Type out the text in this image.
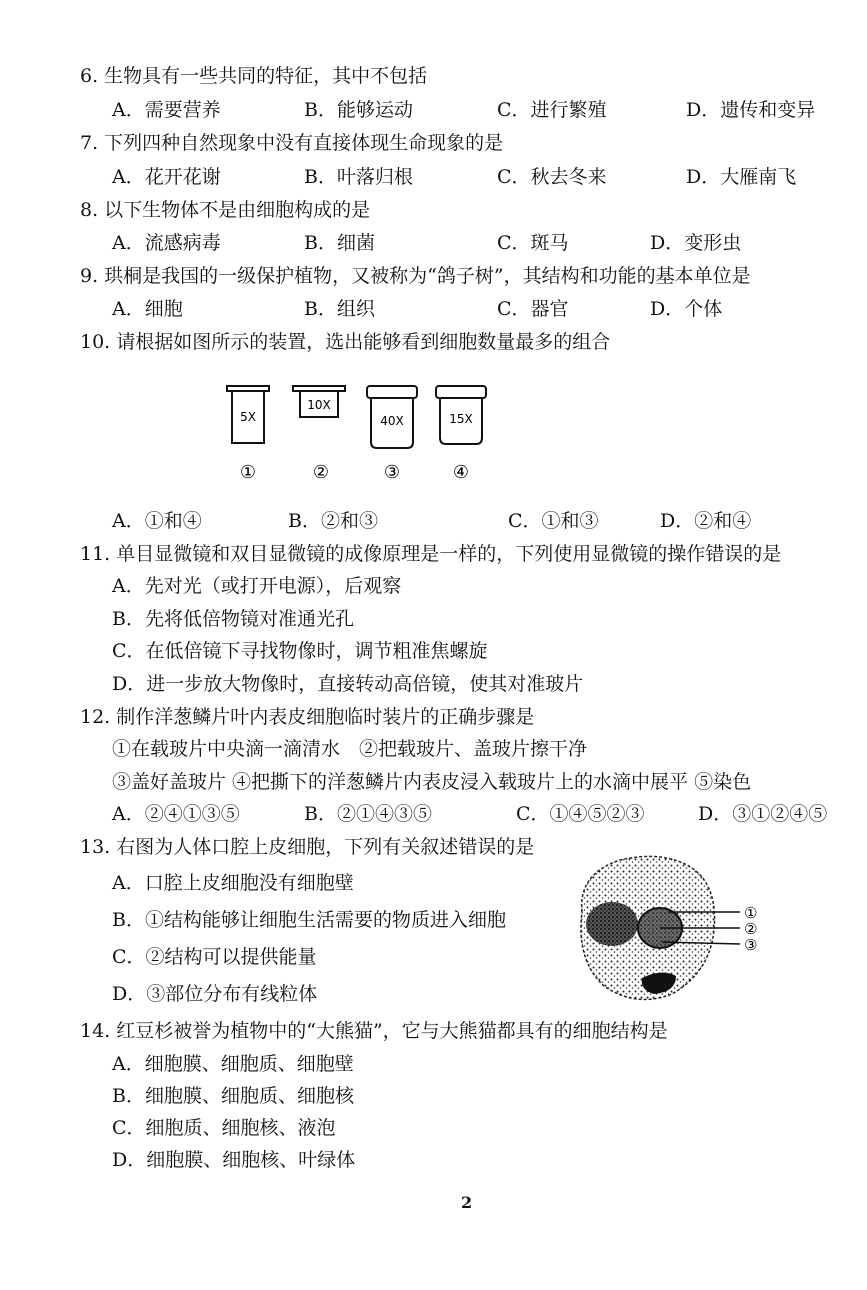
6. 生物具有一些共同的特征，其中不包括
A．需要营养	B．能够运动	C．进行繁殖	D．遗传和变异
7. 下列四种自然现象中没有直接体现生命现象的是
A．花开花谢	B．叶落归根	C．秋去冬来	D．大雁南飞
8. 以下生物体不是由细胞构成的是
A．流感病毒	B．细菌	C．斑马	D．变形虫
9. 珙桐是我国的一级保护植物，又被称为“鸽子树”，其结构和功能的基本单位是
A．细胞	B．组织	C．器官	D．个体
10. 请根据如图所示的装置，选出能够看到细胞数量最多的组合
5X
10X
40X	15X
①	②	③	④
A．①和④	B．②和③	C．①和③	D．②和④
11. 单目显微镜和双目显微镜的成像原理是一样的，下列使用显微镜的操作错误的是
A．先对光（或打开电源），后观察
B．先将低倍物镜对准通光孔
C．在低倍镜下寻找物像时，调节粗准焦螺旋
D．进一步放大物像时，直接转动高倍镜，使其对准玻片
12. 制作洋葱鳞片叶内表皮细胞临时装片的正确步骤是
①在载玻片中央滴一滴清水　②把载玻片、盖玻片擦干净
③盖好盖玻片 ④把撕下的洋葱鳞片内表皮浸入载玻片上的水滴中展平 ⑤染色
A．②④①③⑤	B．②①④③⑤	C．①④⑤②③	D．③①②④⑤
13. 右图为人体口腔上皮细胞，下列有关叙述错误的是
A．口腔上皮细胞没有细胞壁
B．①结构能够让细胞生活需要的物质进入细胞
C．②结构可以提供能量
D．③部位分布有线粒体
①
②
③
14. 红豆杉被誉为植物中的“大熊猫”，它与大熊猫都具有的细胞结构是
A．细胞膜、细胞质、细胞壁
B．细胞膜、细胞质、细胞核
C．细胞质、细胞核、液泡
D．细胞膜、细胞核、叶绿体
2
